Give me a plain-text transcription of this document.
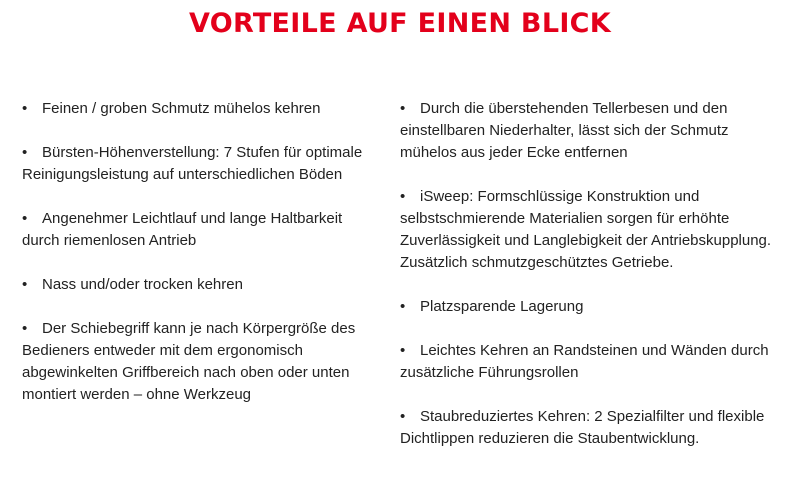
VORTEILE AUF EINEN BLICK
• Feinen / groben Schmutz mühelos kehren
• Bürsten-Höhenverstellung: 7 Stufen für optimale Reinigungsleistung auf unterschiedlichen Böden
• Angenehmer Leichtlauf und lange Haltbarkeit durch riemenlosen Antrieb
• Nass und/oder trocken kehren
• Der Schiebegriff kann je nach Körpergröße des Bedieners entweder mit dem ergonomisch abgewinkelten Griffbereich nach oben oder unten montiert werden – ohne Werkzeug
• Durch die überstehenden Tellerbesen und den einstellbaren Niederhalter, lässt sich der Schmutz mühelos aus jeder Ecke entfernen
• iSweep: Formschlüssige Konstruktion und selbstschmierende Materialien sorgen für erhöhte Zuverlässigkeit und Langlebigkeit der Antriebskupplung. Zusätzlich schmutzgeschütztes Getriebe.
• Platzsparende Lagerung
• Leichtes Kehren an Randsteinen und Wänden durch zusätzliche Führungsrollen
• Staubreduziertes Kehren: 2 Spezialfilter und flexible Dichtlippen reduzieren die Staubentwicklung.
